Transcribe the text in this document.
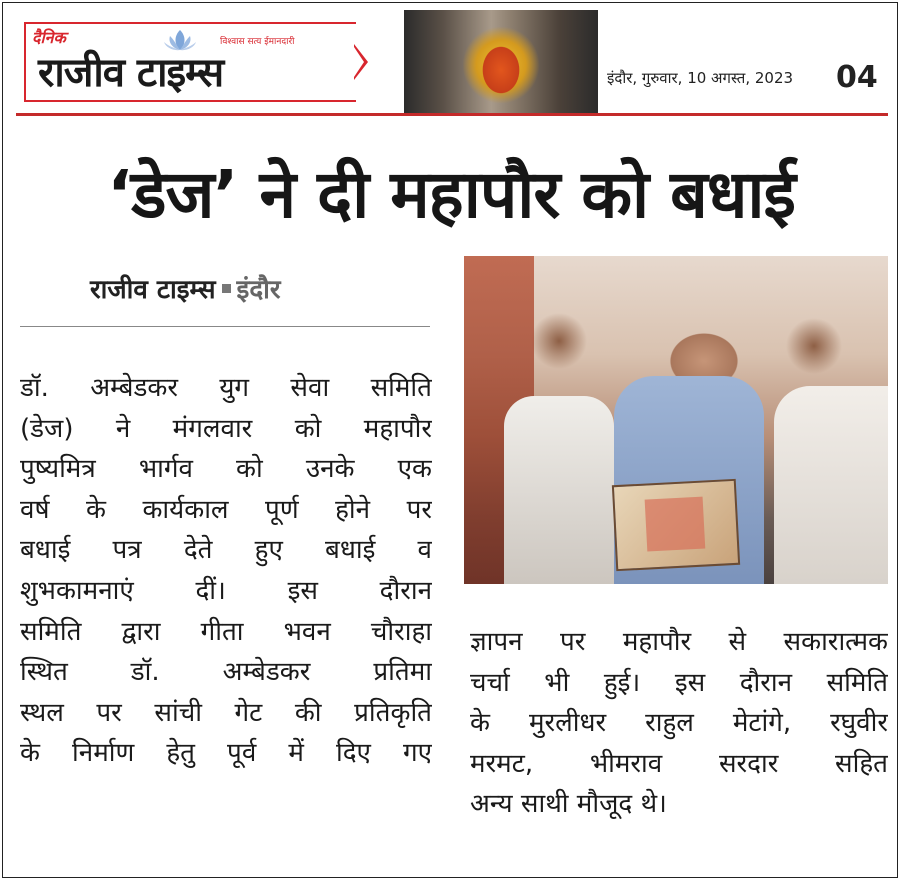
दैनिक	विश्वास सत्य ईमानदारी
राजीव टाइम्स	इंदौर, गुरुवार, 10 अगस्त, 2023 04
‘डेज’ ने दी महापौर को बधाई
राजीव टाइम्स इंदौर
डॉ. अम्बेडकर युग सेवा समिति
(डेज) ने मंगलवार को महापौर
पुष्यमित्र भार्गव को उनके एक
वर्ष के कार्यकाल पूर्ण होने पर
बधाई पत्र देते हुए बधाई व
शुभकामनाएं दीं। इस दौरान
समिति द्वारा गीता भवन चौराहा
स्थित डॉ. अम्बेडकर प्रतिमा
स्थल पर सांची गेट की प्रतिकृति
के निर्माण हेतु पूर्व में दिए गए
ज्ञापन पर महापौर से सकारात्मक
चर्चा भी हुई। इस दौरान समिति
के मुरलीधर राहुल मेटांगे, रघुवीर
मरमट, भीमराव सरदार सहित
अन्य साथी मौजूद थे।
